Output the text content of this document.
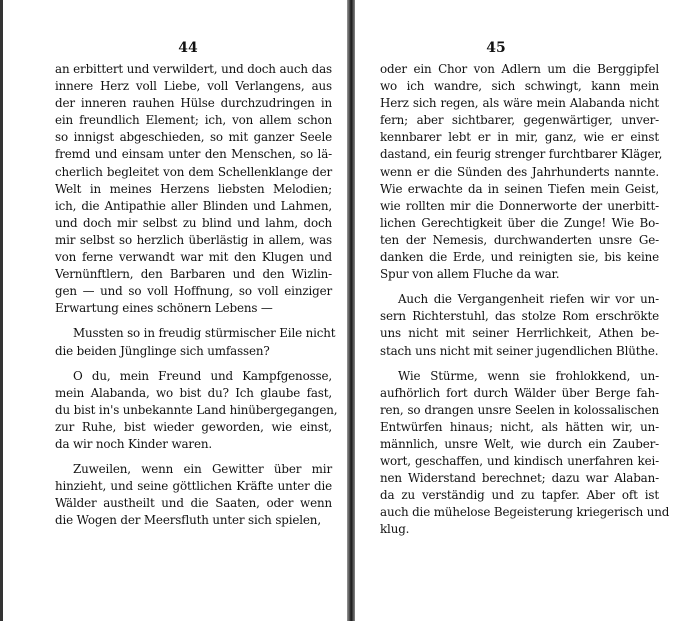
44
an erbittert und verwildert, und doch auch das
innere Herz voll Liebe, voll Verlangens, aus
der inneren rauhen Hülse durchzudringen in
ein freundlich Element; ich, von allem schon
so innigst abgeschieden, so mit ganzer Seele
fremd und einsam unter den Menschen, so lä-
cherlich begleitet von dem Schellenklange der
Welt in meines Herzens liebsten Melodien;
ich, die Antipathie aller Blinden und Lahmen,
und doch mir selbst zu blind und lahm, doch
mir selbst so herzlich überlästig in allem, was
von ferne verwandt war mit den Klugen und
Vernünftlern, den Barbaren und den Wizlin-
gen — und so voll Hoffnung, so voll einziger
Erwartung eines schönern Lebens —
Mussten so in freudig stürmischer Eile nicht
die beiden Jünglinge sich umfassen?
O du, mein Freund und Kampfgenosse,
mein Alabanda, wo bist du? Ich glaube fast,
du bist in's unbekannte Land hinübergegangen,
zur Ruhe, bist wieder geworden, wie einst,
da wir noch Kinder waren.
Zuweilen, wenn ein Gewitter über mir
hinzieht, und seine göttlichen Kräfte unter die
Wälder austheilt und die Saaten, oder wenn
die Wogen der Meersfluth unter sich spielen,
45
oder ein Chor von Adlern um die Berggipfel
wo ich wandre, sich schwingt, kann mein
Herz sich regen, als wäre mein Alabanda nicht
fern; aber sichtbarer, gegenwärtiger, unver-
kennbarer lebt er in mir, ganz, wie er einst
dastand, ein feurig strenger furchtbarer Kläger,
wenn er die Sünden des Jahrhunderts nannte.
Wie erwachte da in seinen Tiefen mein Geist,
wie rollten mir die Donnerworte der unerbitt-
lichen Gerechtigkeit über die Zunge! Wie Bo-
ten der Nemesis, durchwanderten unsre Ge-
danken die Erde, und reinigten sie, bis keine
Spur von allem Fluche da war.
Auch die Vergangenheit riefen wir vor un-
sern Richterstuhl, das stolze Rom erschrökte
uns nicht mit seiner Herrlichkeit, Athen be-
stach uns nicht mit seiner jugendlichen Blüthe.
Wie Stürme, wenn sie frohlokkend, un-
aufhörlich fort durch Wälder über Berge fah-
ren, so drangen unsre Seelen in kolossalischen
Entwürfen hinaus; nicht, als hätten wir, un-
männlich, unsre Welt, wie durch ein Zauber-
wort, geschaffen, und kindisch unerfahren kei-
nen Widerstand berechnet; dazu war Alaban-
da zu verständig und zu tapfer. Aber oft ist
auch die mühelose Begeisterung kriegerisch und
klug.
